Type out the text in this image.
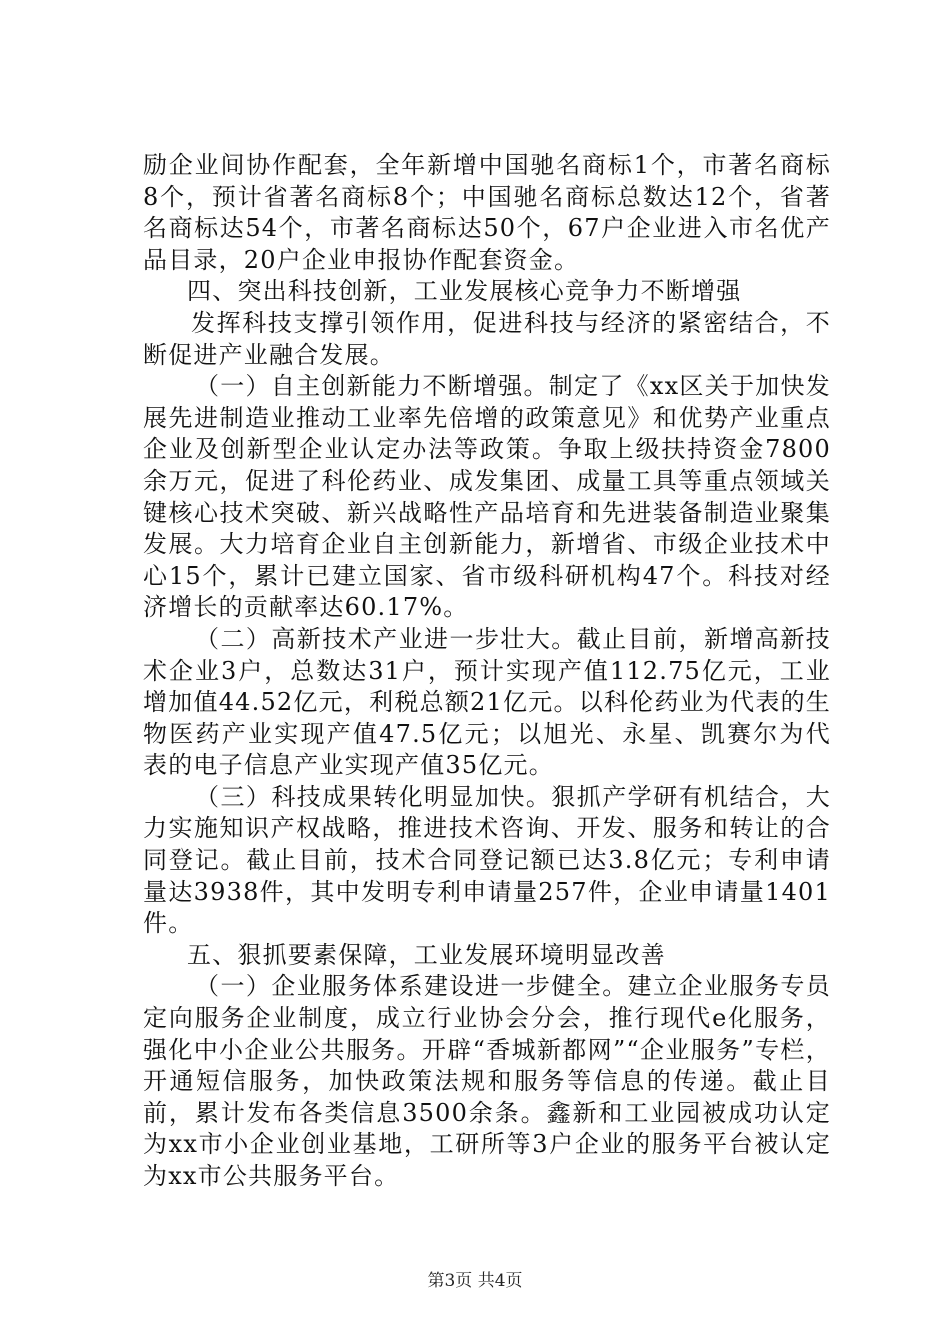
励企业间协作配套，全年新增中国驰名商标1个，市著名商标8个，预计省著名商标8个；中国驰名商标总数达12个，省著名商标达54个，市著名商标达50个，67户企业进入市名优产品目录，20户企业申报协作配套资金。

四、突出科技创新，工业发展核心竞争力不断增强

发挥科技支撑引领作用，促进科技与经济的紧密结合，不断促进产业融合发展。

（一）自主创新能力不断增强。制定了《xx区关于加快发展先进制造业推动工业率先倍增的政策意见》和优势产业重点企业及创新型企业认定办法等政策。争取上级扶持资金7800余万元，促进了科伦药业、成发集团、成量工具等重点领域关键核心技术突破、新兴战略性产品培育和先进装备制造业聚集发展。大力培育企业自主创新能力，新增省、市级企业技术中心15个，累计已建立国家、省市级科研机构47个。科技对经济增长的贡献率达60.17%。

（二）高新技术产业进一步壮大。截止目前，新增高新技术企业3户，总数达31户，预计实现产值112.75亿元，工业增加值44.52亿元，利税总额21亿元。以科伦药业为代表的生物医药产业实现产值47.5亿元；以旭光、永星、凯赛尔为代表的电子信息产业实现产值35亿元。

（三）科技成果转化明显加快。狠抓产学研有机结合，大力实施知识产权战略，推进技术咨询、开发、服务和转让的合同登记。截止目前，技术合同登记额已达3.8亿元；专利申请量达3938件，其中发明专利申请量257件，企业申请量1401件。

五、狠抓要素保障，工业发展环境明显改善

（一）企业服务体系建设进一步健全。建立企业服务专员定向服务企业制度，成立行业协会分会，推行现代e化服务，强化中小企业公共服务。开辟“香城新都网”“企业服务”专栏，开通短信服务，加快政策法规和服务等信息的传递。截止目前，累计发布各类信息3500余条。鑫新和工业园被成功认定为xx市小企业创业基地，工研所等3户企业的服务平台被认定为xx市公共服务平台。

第3页 共4页
